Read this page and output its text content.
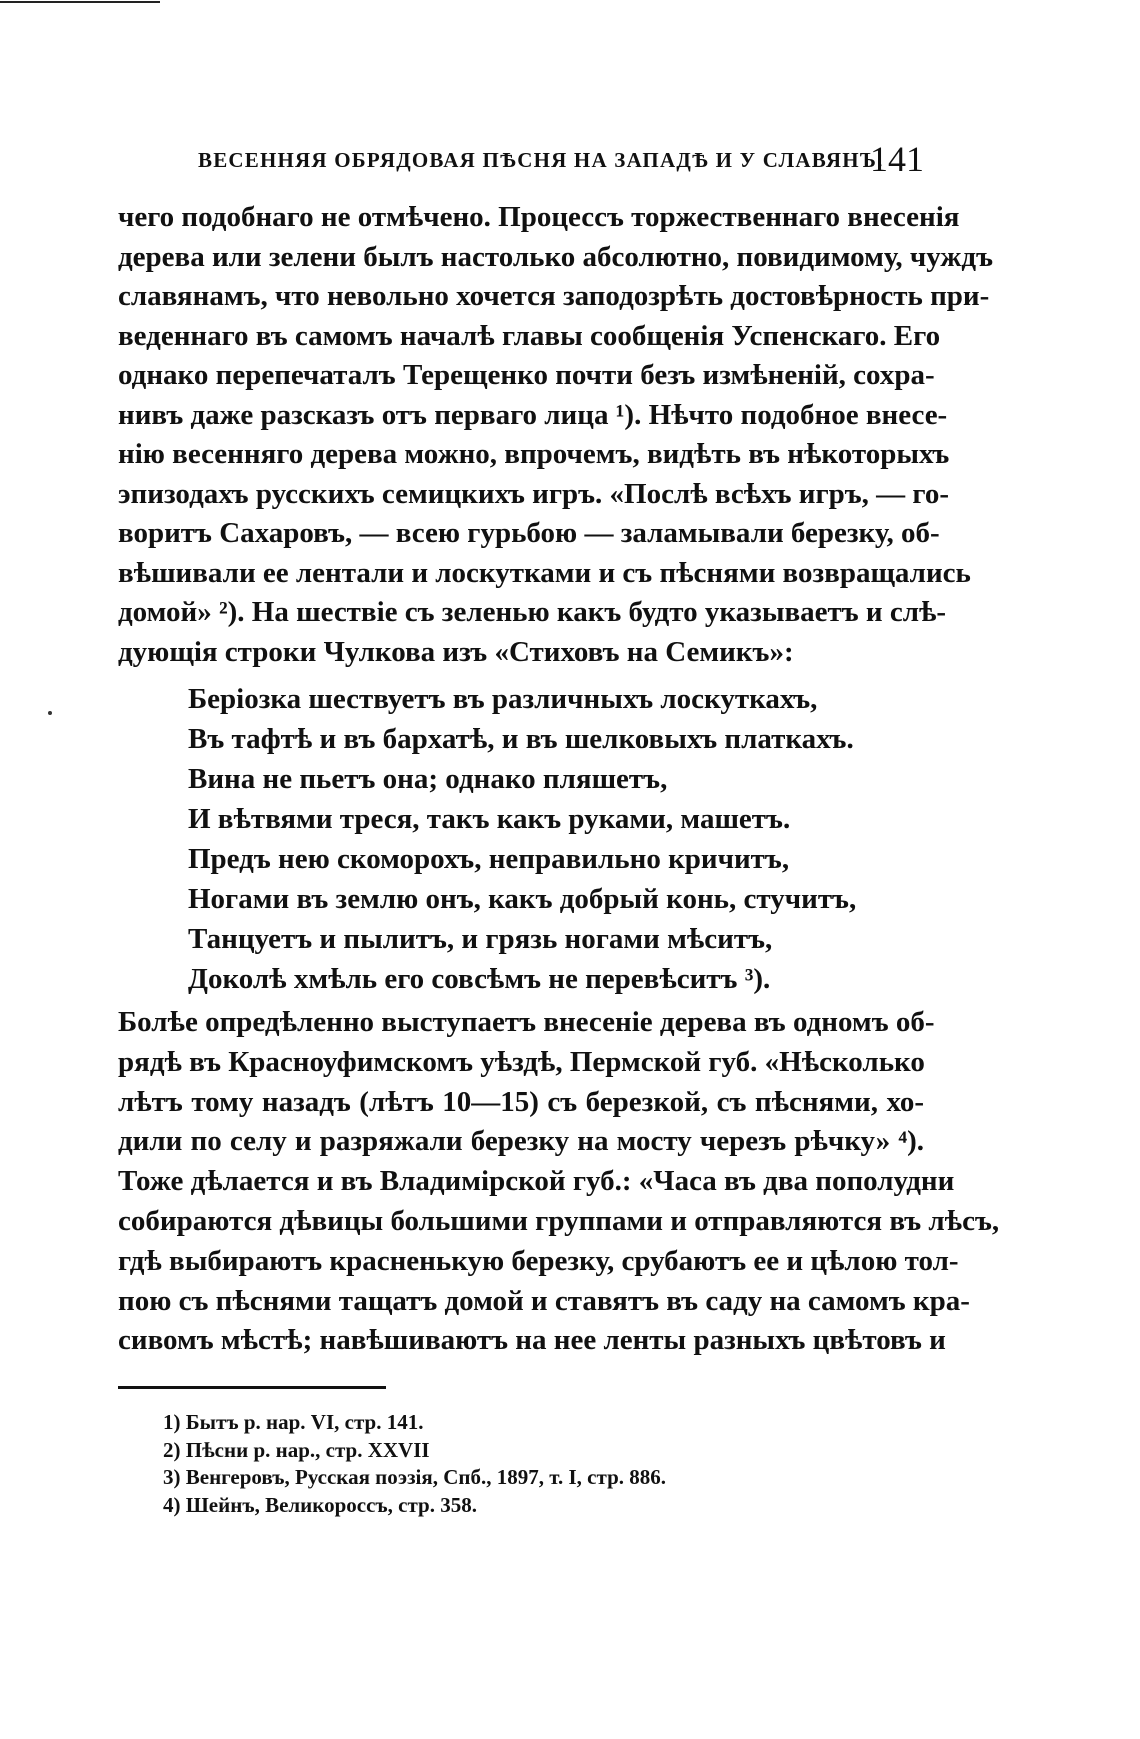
ВЕСЕННЯЯ ОБРЯДОВАЯ ПѢСНЯ НА ЗАПАДѢ И У СЛАВЯНЪ.
141
чего подобнаго не отмѣчено. Процессъ торжественнаго внесенія
дерева или зелени былъ настолько абсолютно, повидимому, чуждъ
славянамъ, что невольно хочется заподозрѣть достовѣрность при-
веденнаго въ самомъ началѣ главы сообщенія Успенскаго. Его
однако перепечаталъ Терещенко почти безъ измѣненій, сохра-
нивъ даже разсказъ отъ перваго лица ¹). Нѣчто подобное внесе-
нію весенняго дерева можно, впрочемъ, видѣть въ нѣкоторыхъ
эпизодахъ русскихъ семицкихъ игръ. «Послѣ всѣхъ игръ, — го-
воритъ Сахаровъ, — всею гурьбою — заламывали березку, об-
вѣшивали ее лентали и лоскутками и съ пѣснями возвращались
домой» ²). На шествіе съ зеленью какъ будто указываетъ и слѣ-
дующія строки Чулкова изъ «Стиховъ на Семикъ»:
Беріозка шествуетъ въ различныхъ лоскуткахъ,
Въ тафтѣ и въ бархатѣ, и въ шелковыхъ платкахъ.
Вина не пьетъ она; однако пляшетъ,
И вѣтвями треся, такъ какъ руками, машетъ.
Предъ нею скоморохъ, неправильно кричитъ,
Ногами въ землю онъ, какъ добрый конь, стучитъ,
Танцуетъ и пылитъ, и грязь ногами мѣситъ,
Доколѣ хмѣль его совсѣмъ не перевѣситъ ³).
Болѣе опредѣленно выступаетъ внесеніе дерева въ одномъ об-
рядѣ въ Красноуфимскомъ уѣздѣ, Пермской губ. «Нѣсколько
лѣтъ тому назадъ (лѣтъ 10—15) съ березкой, съ пѣснями, хо-
дили по селу и разряжали березку на мосту черезъ рѣчку» ⁴).
Тоже дѣлается и въ Владимірской губ.: «Часа въ два пополудни
собираются дѣвицы большими группами и отправляются въ лѣсъ,
гдѣ выбираютъ красненькую березку, срубаютъ ее и цѣлою тол-
пою съ пѣснями тащатъ домой и ставятъ въ саду на самомъ кра-
сивомъ мѣстѣ; навѣшиваютъ на нее ленты разныхъ цвѣтовъ и
1) Бытъ р. нар. VI, стр. 141.
2) Пѣсни р. нар., стр. XXVII
3) Венгеровъ, Русская поэзія, Спб., 1897, т. I, стр. 886.
4) Шейнъ, Великороссъ, стр. 358.
